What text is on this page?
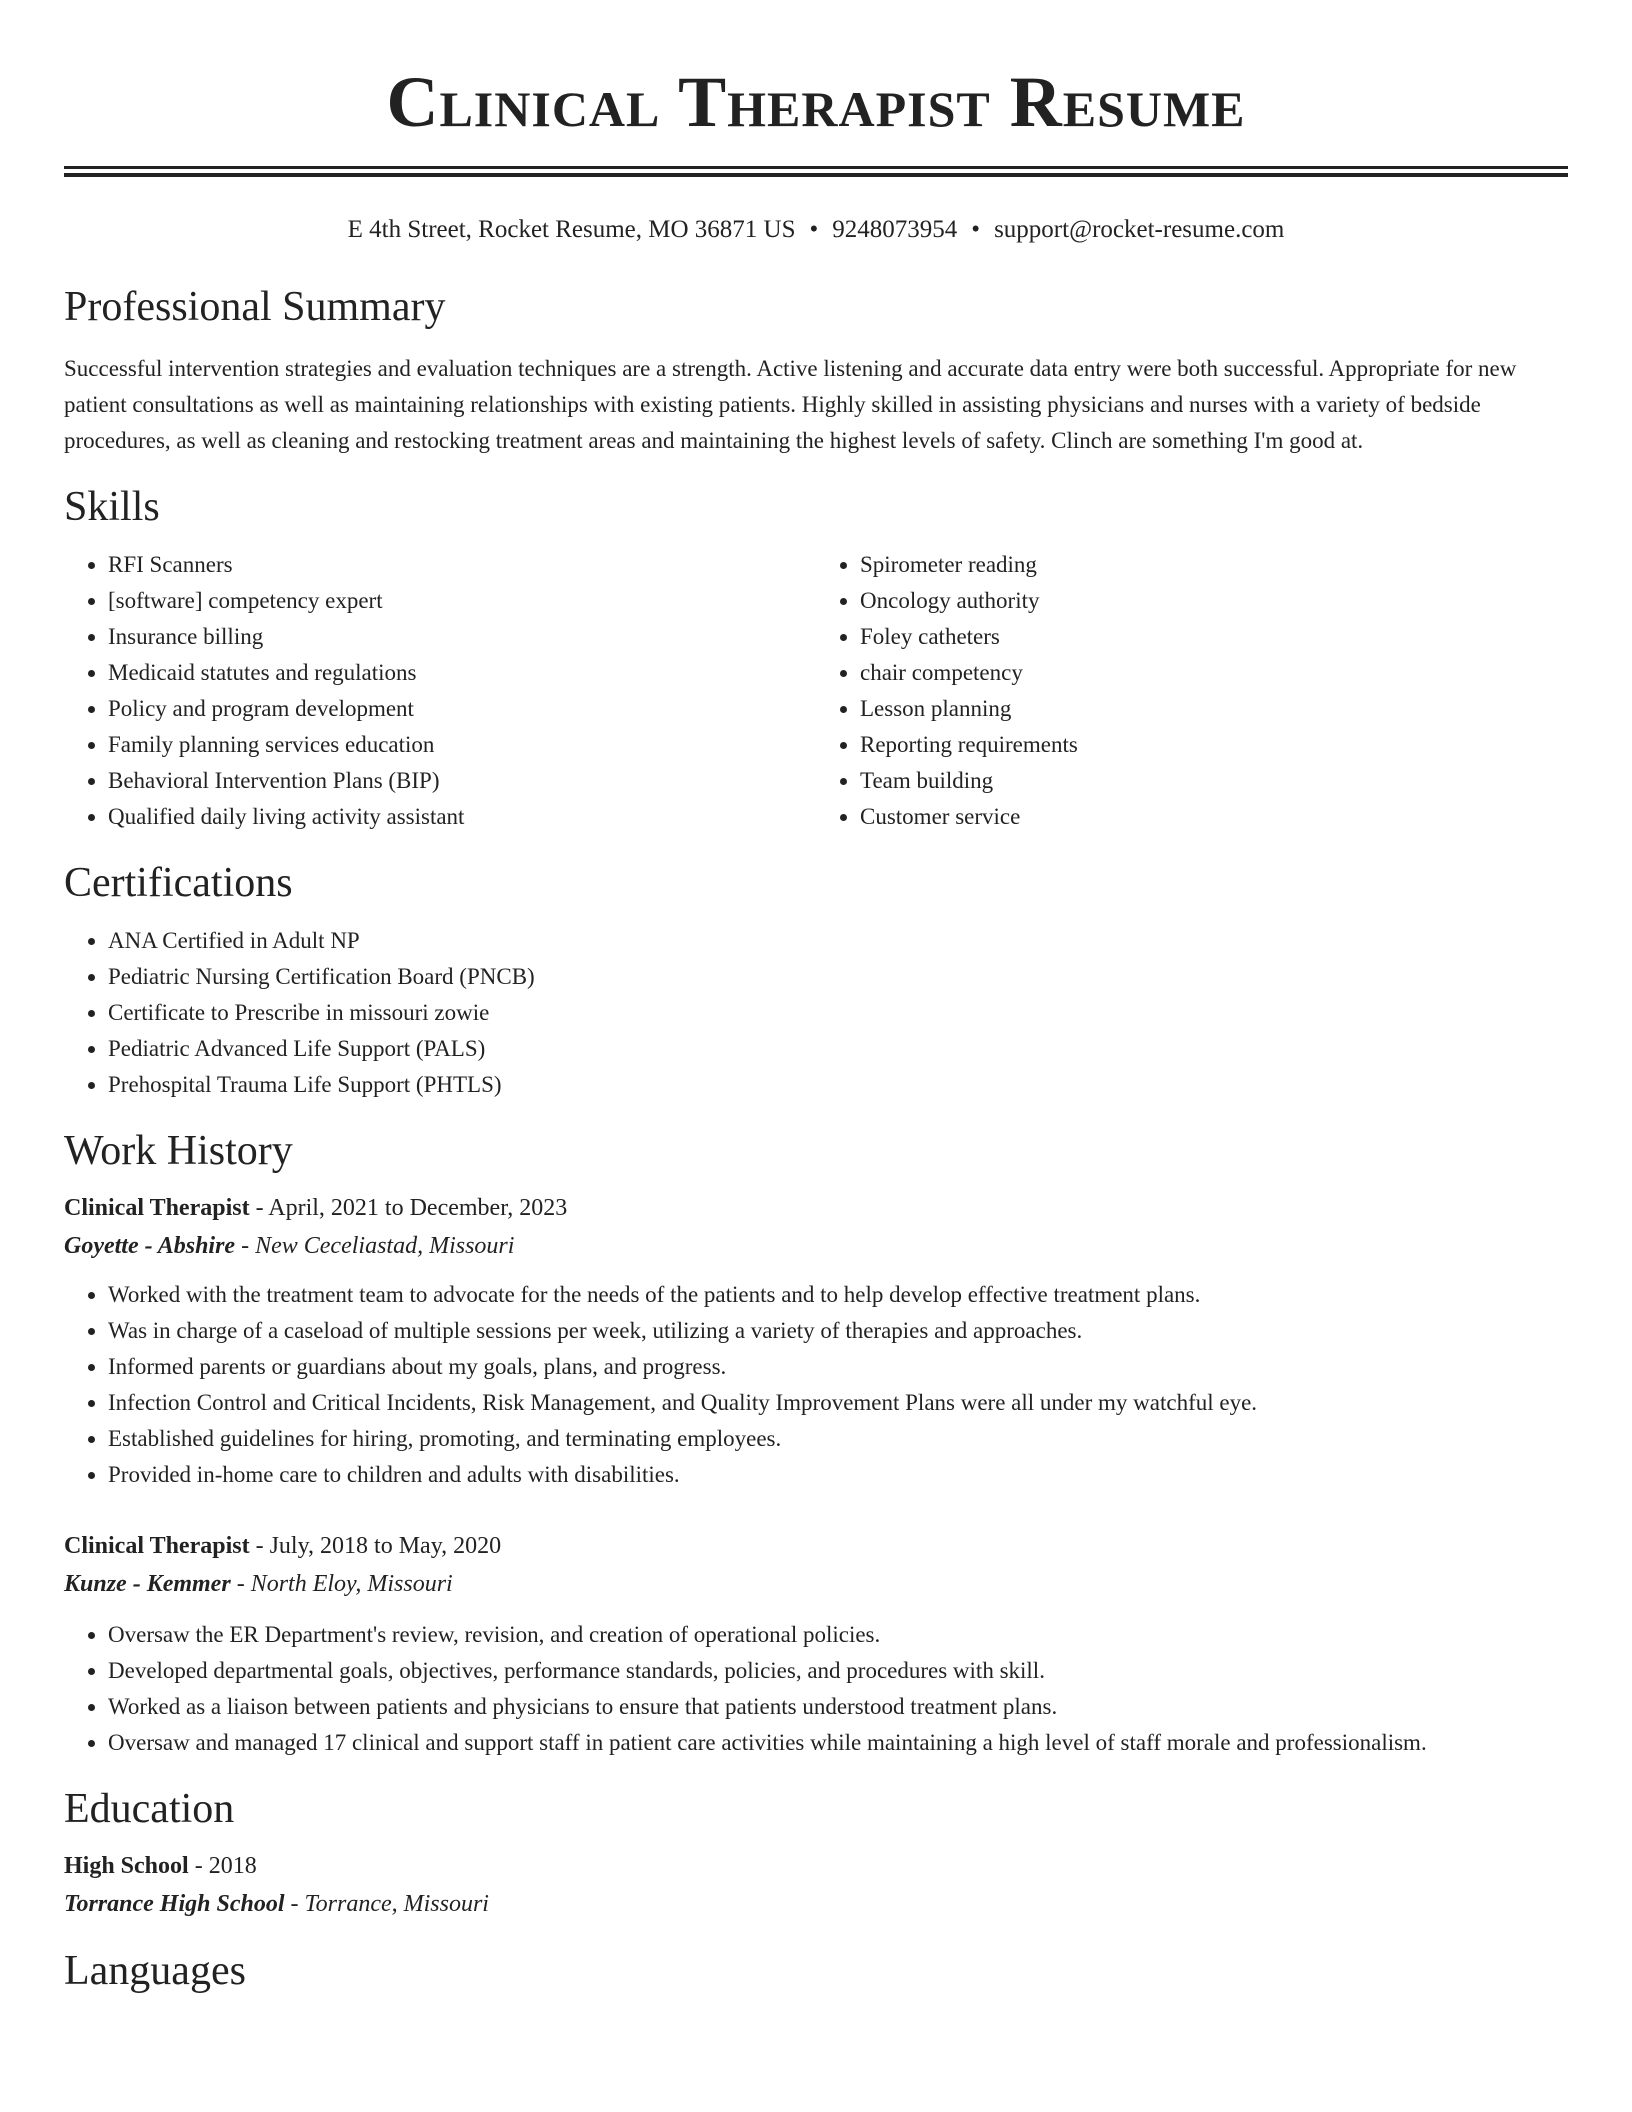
Clinical Therapist Resume
E 4th Street, Rocket Resume, MO 36871 US • 9248073954 • support@rocket-resume.com
Professional Summary

Successful intervention strategies and evaluation techniques are a strength. Active listening and accurate data entry were both successful. Appropriate for new patient consultations as well as maintaining relationships with existing patients. Highly skilled in assisting physicians and nurses with a variety of bedside procedures, as well as cleaning and restocking treatment areas and maintaining the highest levels of safety. Clinch are something I'm good at.

Skills
• RFI Scanners
• [software] competency expert
• Insurance billing
• Medicaid statutes and regulations
• Policy and program development
• Family planning services education
• Behavioral Intervention Plans (BIP)
• Qualified daily living activity assistant
• Spirometer reading
• Oncology authority
• Foley catheters
• chair competency
• Lesson planning
• Reporting requirements
• Team building
• Customer service
Certifications
• ANA Certified in Adult NP
• Pediatric Nursing Certification Board (PNCB)
• Certificate to Prescribe in missouri zowie
• Pediatric Advanced Life Support (PALS)
• Prehospital Trauma Life Support (PHTLS)
Work History
Clinical Therapist - April, 2021 to December, 2023
Goyette - Abshire - New Ceceliastad, Missouri
• Worked with the treatment team to advocate for the needs of the patients and to help develop effective treatment plans.
• Was in charge of a caseload of multiple sessions per week, utilizing a variety of therapies and approaches.
• Informed parents or guardians about my goals, plans, and progress.
• Infection Control and Critical Incidents, Risk Management, and Quality Improvement Plans were all under my watchful eye.
• Established guidelines for hiring, promoting, and terminating employees.
• Provided in-home care to children and adults with disabilities.
Clinical Therapist - July, 2018 to May, 2020
Kunze - Kemmer - North Eloy, Missouri
• Oversaw the ER Department's review, revision, and creation of operational policies.
• Developed departmental goals, objectives, performance standards, policies, and procedures with skill.
• Worked as a liaison between patients and physicians to ensure that patients understood treatment plans.
• Oversaw and managed 17 clinical and support staff in patient care activities while maintaining a high level of staff morale and professionalism.
Education
High School - 2018
Torrance High School - Torrance, Missouri
Languages
